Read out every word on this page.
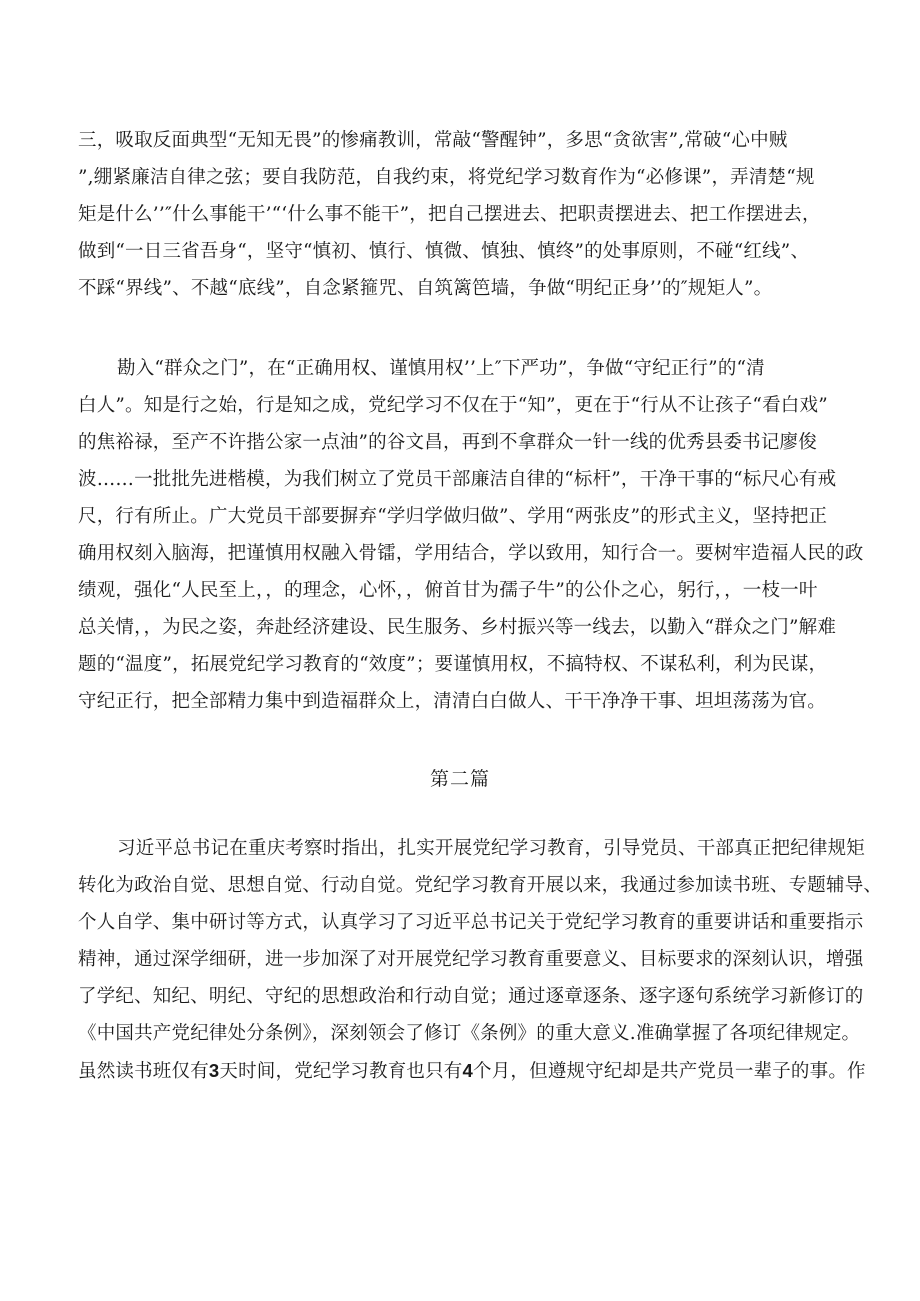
三，吸取反面典型“无知无畏”的惨痛教训，常敲“警醒钟”，多思“贪欲害”,常破“心中贼
”,绷紧廉洁自律之弦；要自我防范，自我约束，将党纪学习数育作为“必修课”，弄清楚“规
矩是什么’’″什么事能干’“‘什么事不能干”，把自己摆进去、把职责摆进去、把工作摆进去，
做到“一日三省吾身“，坚守“慎初、慎行、慎微、慎独、慎终”的处事原则，不碰“红线”、
不踩“界线”、不越“底线”，自念紧箍咒、自筑篱笆墙，争做“明纪正身’’的″规矩人”。
勘入“群众之门”，在“正确用权、谨慎用权’’上″下严功”，争做“守纪正行”的“清
白人”。知是行之始，行是知之成，党纪学习不仅在于“知”，更在于“行从不让孩子“看白戏”
的焦裕禄，至产不许揩公家一点油”的谷文昌，再到不拿群众一针一线的优秀县委书记廖俊
波……一批批先进楷模，为我们树立了党员干部廉洁自律的“标杆”，干净干事的“标尺心有戒
尺，行有所止。广大党员干部要摒弃“学归学做归做”、学用“两张皮”的形式主义，坚持把正
确用权刻入脑海，把谨慎用权融入骨镭，学用结合，学以致用，知行合一。要树牢造福人民的政
绩观，强化“人民至上，，的理念，心怀，，俯首甘为孺子牛”的公仆之心，躬行，，一枝一叶
总关情，，为民之姿，奔赴经济建设、民生服务、乡村振兴等一线去，以勤入“群众之门”解难
题的“温度”，拓展党纪学习教育的“效度”；要谨慎用权，不搞特权、不谋私利，利为民谋，
守纪正行，把全部精力集中到造福群众上，清清白白做人、干干净净干事、坦坦荡荡为官。
第二篇
习近平总书记在重庆考察时指出，扎实开展党纪学习教育，引导党员、干部真正把纪律规矩
转化为政治自觉、思想自觉、行动自觉。党纪学习教育开展以来，我通过参加读书班、专题辅导、
个人自学、集中研讨等方式，认真学习了习近平总书记关于党纪学习教育的重要讲话和重要指示
精神，通过深学细研，进一步加深了对开展党纪学习教育重要意义、目标要求的深刻认识，增强
了学纪、知纪、明纪、守纪的思想政治和行动自觉；通过逐章逐条、逐字逐句系统学习新修订的
《中国共产党纪律处分条例》，深刻领会了修订《条例》的重大意义.准确掌握了各项纪律规定。
虽然读书班仅有3天时间，党纪学习教育也只有4个月，但遵规守纪却是共产党员一辈子的事。作
